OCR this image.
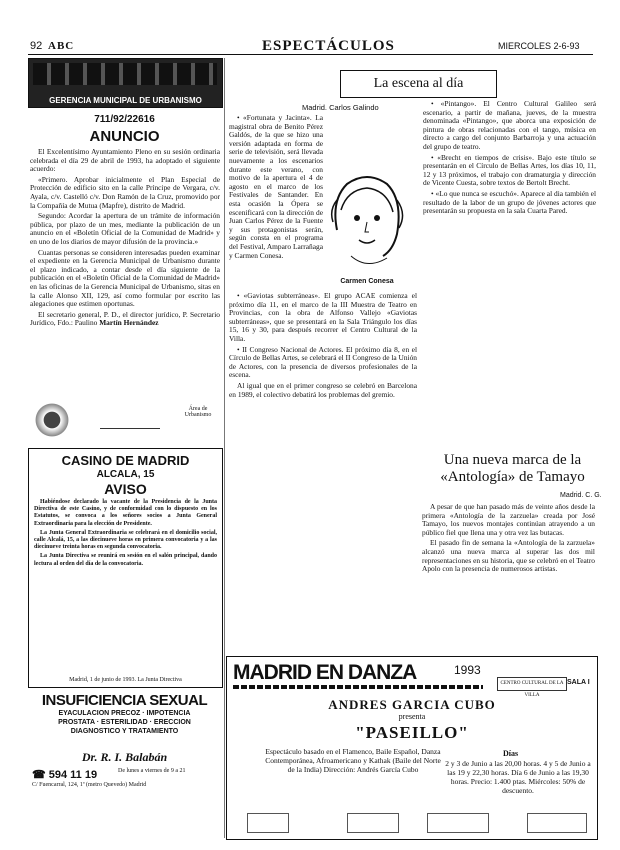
92 ABC	ESPECTÁCULOS	MIERCOLES 2-6-93
GERENCIA MUNICIPAL DE URBANISMO
711/92/22616
ANUNCIO

El Excelentísimo Ayuntamiento Pleno en su sesión ordinaria celebrada el día 29 de abril de 1993, ha adoptado el siguiente acuerdo:

«Primero. Aprobar inicialmente el Plan Especial de Protección de edificio sito en la calle Príncipe de Vergara, c/v. Ayala, c/v. Castelló c/v. Don Ramón de la Cruz, promovido por la Compañía de Mutua (Mapfre), distrito de Madrid.

Segundo: Acordar la apertura de un trámite de información pública, por plazo de un mes, mediante la publicación de un anuncio en el «Boletín Oficial de la Comunidad de Madrid» y en uno de los diarios de mayor difusión de la provincia.»

Cuantas personas se consideren interesadas pueden examinar el expediente en la Gerencia Municipal de Urbanismo durante el plazo indicado, a contar desde el día siguiente de la publicación en el «Boletín Oficial de la Comunidad de Madrid» en las oficinas de la Gerencia Municipal de Urbanismo, sitas en la calle Alonso XII, 129, así como formular por escrito las alegaciones que estimen oportunas.

El secretario general, P. D., el director jurídico, P. Secretario Jurídico, Fdo.: Paulino Martín Hernández

Área de Urbanismo
CASINO DE MADRID
ALCALA, 15
AVISO

Habiéndose declarado la vacante de la Presidencia de la Junta Directiva de este Casino, y de conformidad con lo dispuesto en los Estatutos, se convoca a los señores socios a Junta General Extraordinaria para la elección de Presidente.

La Junta General Extraordinaria se celebrará en el domicilio social, calle Alcalá, 15, a las diecinueve horas en primera convocatoria y a las diecinueve treinta horas en segunda convocatoria.

La Junta Directiva se reunirá en sesión en el salón principal, dando lectura al orden del día de la convocatoria.

Madrid, 1 de junio de 1993. La Junta Directiva
INSUFICIENCIA SEXUAL
EYACULACION PRECOZ · IMPOTENCIA
PROSTATA · ESTERILIDAD · ERECCION
DIAGNOSTICO Y TRATAMIENTO
Dr. R. I. Balabán
☎ 594 11 19	De lunes a viernes de 9 a 21
C/ Fuencarral, 124, 1ª (metro Quevedo) Madrid
La escena al día
Madrid. Carlos Galindo

• «Fortunata y Jacinta». La magistral obra de Benito Pérez Galdós, de la que se hizo una versión adaptada en forma de serie de televisión, será llevada nuevamente a los escenarios durante este verano, con motivo de la apertura el 4 de agosto en el marco de los Festivales de Santander. En esta ocasión la Ópera se escenificará con la dirección de Juan Carlos Pérez de la Fuente y sus protagonistas serán, según consta en el programa del Festival, Amparo Larrañaga y Carmen Conesa.

Carmen Conesa

• «Gaviotas subterráneas». El grupo ACAE comienza el próximo día 11, en el marco de la III Muestra de Teatro en Provincias, con la obra de Alfonso Vallejo «Gaviotas subterráneas», que se presentará en la Sala Triángulo los días 15, 16 y 30, para después recorrer el Centro Cultural de la Villa.

• II Congreso Nacional de Actores. El próximo día 8, en el Círculo de Bellas Artes, se celebrará el II Congreso de la Unión de Actores, con la presencia de diversos profesionales de la escena.

Al igual que en el primer congreso se celebró en Barcelona en 1989, el colectivo debatirá los problemas del gremio.

• «Pintango». El Centro Cultural Galileo será escenario, a partir de mañana, jueves, de la muestra denominada «Pintango», que aborca una exposición de pintura de obras relacionadas con el tango, música en directo a cargo del conjunto Barbarroja y una actuación del grupo de teatro.

• «Brecht en tiempos de crisis». Bajo este título se presentarán en el Círculo de Bellas Artes, los días 10, 11, 12 y 13 próximos, el trabajo con dramaturgia y dirección de Vicente Cuesta, sobre textos de Bertolt Brecht.

• «Lo que nunca se escuchó». Aparece al dia también el resultado de la labor de un grupo de jóvenes actores que presentarán su propuesta en la sala Cuarta Pared.

Una nueva marca de la «Antología» de Tamayo
Madrid. C. G.

A pesar de que han pasado más de veinte años desde la primera «Antología de la zarzuela» creada por José Tamayo, los nuevos montajes continúan atrayendo a un público fiel que llena una y otra vez las butacas.

El pasado fin de semana la «Antología de la zarzuela» alcanzó una nueva marca al superar las dos mil representaciones en su historia, que se celebró en el Teatro Apolo con la presencia de numerosos artistas.

MADRID EN DANZA	1993
CENTRO CULTURAL DE LA VILLA
SALA I
ANDRES GARCIA CUBO
presenta
"PASEILLO"
Espectáculo basado en el Flamenco, Baile Español, Danza Contemporánea, Afroamericano y Kathak (Baile del Norte de la India) Dirección: Andrés García Cubo
Días
2 y 3 de Junio a las 20,00 horas. 4 y 5 de Junio a las 19 y 22,30 horas. Día 6 de Junio a las 19,30 horas. Precio: 1.400 ptas. Miércoles: 50% de descuento.
